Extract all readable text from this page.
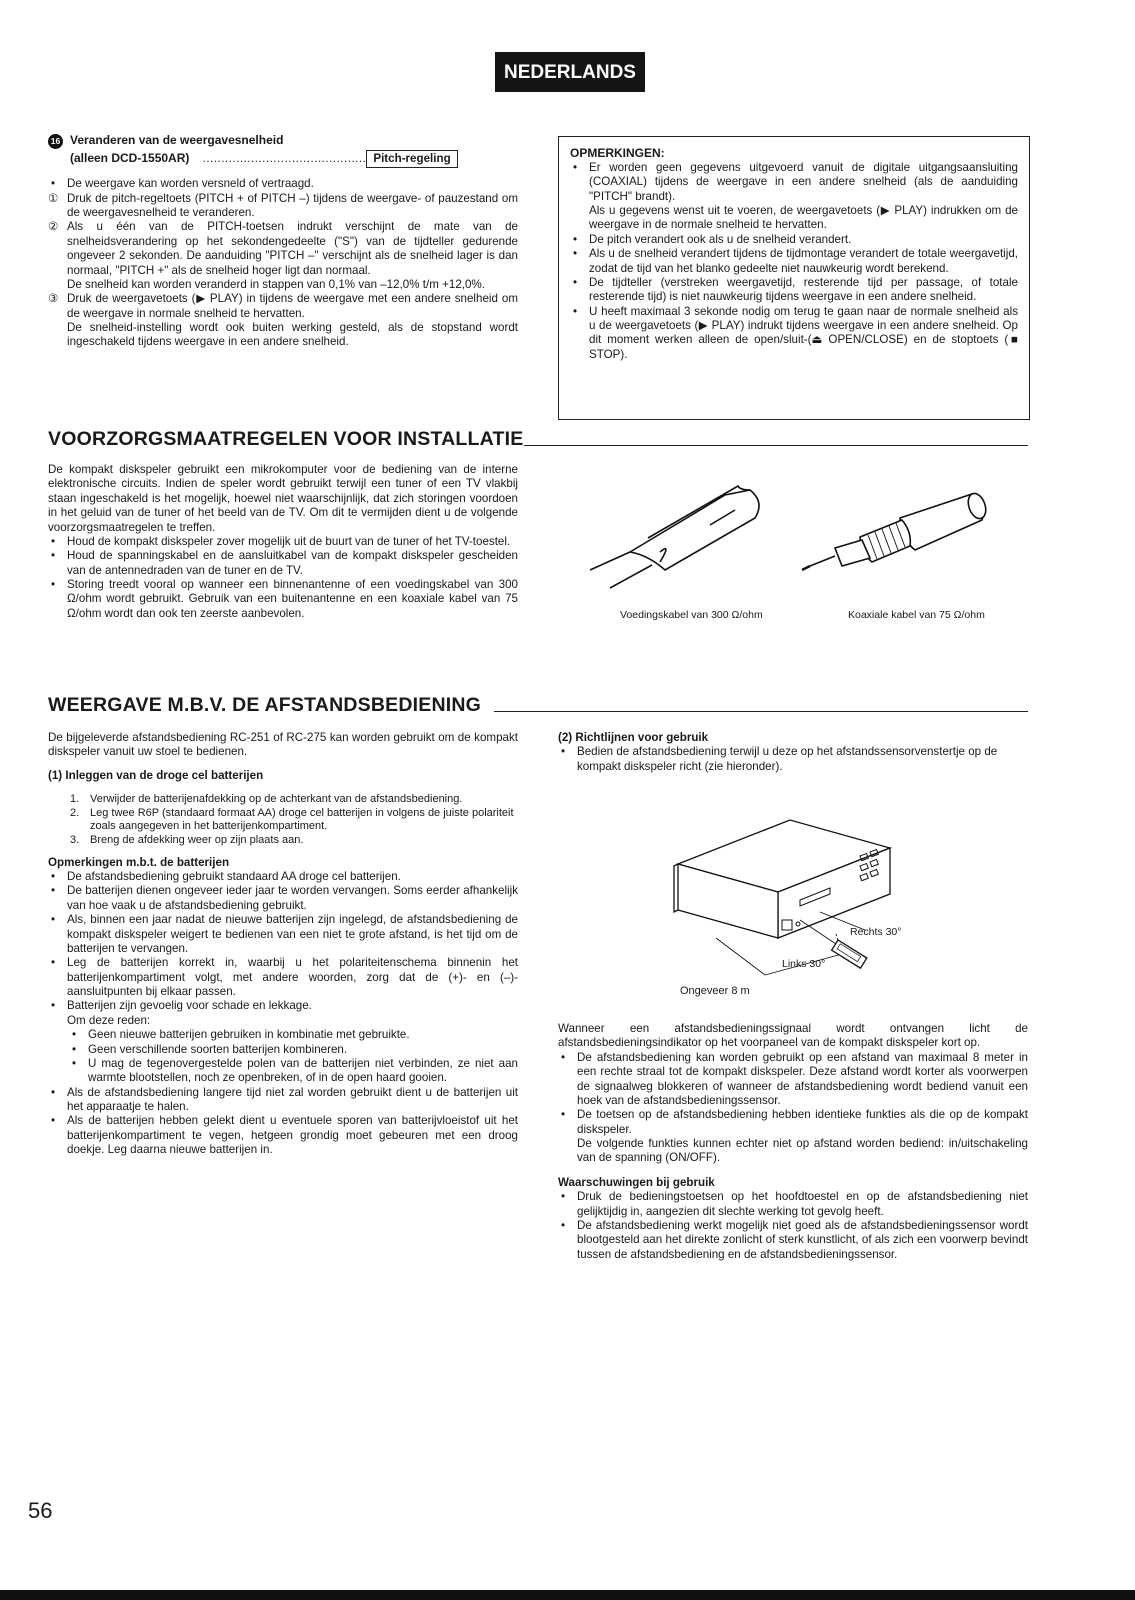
NEDERLANDS
16 Veranderen van de weergavesnelheid
(alleen DCD-1550AR) ............................................ Pitch-regeling

• De weergave kan worden versneld of vertraagd.

① Druk de pitch-regeltoets (PITCH + of PITCH –) tijdens de weergave- of pauzestand om de weergavesnelheid te veranderen.

② Als u één van de PITCH-toetsen indrukt verschijnt de mate van de snelheidsverandering op het sekondengedeelte ("S") van de tijdteller gedurende ongeveer 2 sekonden. De aanduiding "PITCH –" verschijnt als de snelheid lager is dan normaal, "PITCH +" als de snelheid hoger ligt dan normaal.

De snelheid kan worden veranderd in stappen van 0,1% van –12,0% t/m +12,0%.

③ Druk de weergavetoets (▶ PLAY) in tijdens de weergave met een andere snelheid om de weergave in normale snelheid te hervatten.

De snelheid-instelling wordt ook buiten werking gesteld, als de stopstand wordt ingeschakeld tijdens weergave in een andere snelheid.

OPMERKINGEN:

• Er worden geen gegevens uitgevoerd vanuit de digitale uitgangsaansluiting (COAXIAL) tijdens de weergave in een andere snelheid (als de aanduiding "PITCH" brandt).

Als u gegevens wenst uit te voeren, de weergavetoets (▶ PLAY) indrukken om de weergave in de normale snelheid te hervatten.

• De pitch verandert ook als u de snelheid verandert.

• Als u de snelheid verandert tijdens de tijdmontage verandert de totale weergavetijd, zodat de tijd van het blanko gedeelte niet nauwkeurig wordt berekend.

• De tijdteller (verstreken weergavetijd, resterende tijd per passage, of totale resterende tijd) is niet nauwkeurig tijdens weergave in een andere snelheid.

• U heeft maximaal 3 sekonde nodig om terug te gaan naar de normale snelheid als u de weergavetoets (▶ PLAY) indrukt tijdens weergave in een andere snelheid. Op dit moment werken alleen de open/sluit-(⏏ OPEN/CLOSE) en de stoptoets (■ STOP).

VOORZORGSMAATREGELEN VOOR INSTALLATIE

De kompakt diskspeler gebruikt een mikrokomputer voor de bediening van de interne elektronische circuits. Indien de speler wordt gebruikt terwijl een tuner of een TV vlakbij staan ingeschakeld is het mogelijk, hoewel niet waarschijnlijk, dat zich storingen voordoen in het geluid van de tuner of het beeld van de TV. Om dit te vermijden dient u de volgende voorzorgsmaatregelen te treffen.

• Houd de kompakt diskspeler zover mogelijk uit de buurt van de tuner of het TV-toestel.

• Houd de spanningskabel en de aansluitkabel van de kompakt diskspeler gescheiden van de antennedraden van de tuner en de TV.

• Storing treedt vooral op wanneer een binnenantenne of een voedingskabel van 300 Ω/ohm wordt gebruikt. Gebruik van een buitenantenne en een koaxiale kabel van 75 Ω/ohm wordt dan ook ten zeerste aanbevolen.	Voedingskabel van 300 Ω/ohm	Koaxiale kabel van 75 Ω/ohm
WEERGAVE M.B.V. DE AFSTANDSBEDIENING

De bijgeleverde afstandsbediening RC-251 of RC-275 kan worden gebruikt om de kompakt diskspeler vanuit uw stoel te bedienen.

(1) Inleggen van de droge cel batterijen

1. Verwijder de batterijenafdekking op de achterkant van de afstandsbediening.

2. Leg twee R6P (standaard formaat AA) droge cel batterijen in volgens de juiste polariteit zoals aangegeven in het batterijenkompartiment.

3. Breng de afdekking weer op zijn plaats aan.

Opmerkingen m.b.t. de batterijen

• De afstandsbediening gebruikt standaard AA droge cel batterijen.

• De batterijen dienen ongeveer ieder jaar te worden vervangen. Soms eerder afhankelijk van hoe vaak u de afstandsbediening gebruikt.

• Als, binnen een jaar nadat de nieuwe batterijen zijn ingelegd, de afstandsbediening de kompakt diskspeler weigert te bedienen van een niet te grote afstand, is het tijd om de batterijen te vervangen.

• Leg de batterijen korrekt in, waarbij u het polariteitenschema binnenin het batterijenkompartiment volgt, met andere woorden, zorg dat de (+)- en (–)-aansluitpunten bij elkaar passen.

• Batterijen zijn gevoelig voor schade en lekkage.

Om deze reden:

• Geen nieuwe batterijen gebruiken in kombinatie met gebruikte.

• Geen verschillende soorten batterijen kombineren.

• U mag de tegenovergestelde polen van de batterijen niet verbinden, ze niet aan warmte blootstellen, noch ze openbreken, of in de open haard gooien.

• Als de afstandsbediening langere tijd niet zal worden gebruikt dient u de batterijen uit het apparaatje te halen.

• Als de batterijen hebben gelekt dient u eventuele sporen van batterijvloeistof uit het batterijenkompartiment te vegen, hetgeen grondig moet gebeuren met een droog doekje. Leg daarna nieuwe batterijen in.

(2) Richtlijnen voor gebruik

• Bedien de afstandsbediening terwijl u deze op het afstandssensorvenstertje op de kompakt diskspeler richt (zie hieronder).

Rechts 30°
Links 30°
Ongeveer 8 m

Wanneer een afstandsbedieningssignaal wordt ontvangen licht de afstandsbedieningsindikator op het voorpaneel van de kompakt diskspeler kort op.

• De afstandsbediening kan worden gebruikt op een afstand van maximaal 8 meter in een rechte straal tot de kompakt diskspeler. Deze afstand wordt korter als voorwerpen de signaalweg blokkeren of wanneer de afstandsbediening wordt bediend vanuit een hoek van de afstandsbedieningssensor.

• De toetsen op de afstandsbediening hebben identieke funkties als die op de kompakt diskspeler.

De volgende funkties kunnen echter niet op afstand worden bediend: in/uitschakeling van de spanning (ON/OFF).

Waarschuwingen bij gebruik

• Druk de bedieningstoetsen op het hoofdtoestel en op de afstandsbediening niet gelijktijdig in, aangezien dit slechte werking tot gevolg heeft.

• De afstandsbediening werkt mogelijk niet goed als de afstandsbedieningssensor wordt blootgesteld aan het direkte zonlicht of sterk kunstlicht, of als zich een voorwerp bevindt tussen de afstandsbediening en de afstandsbedieningssensor.

56
